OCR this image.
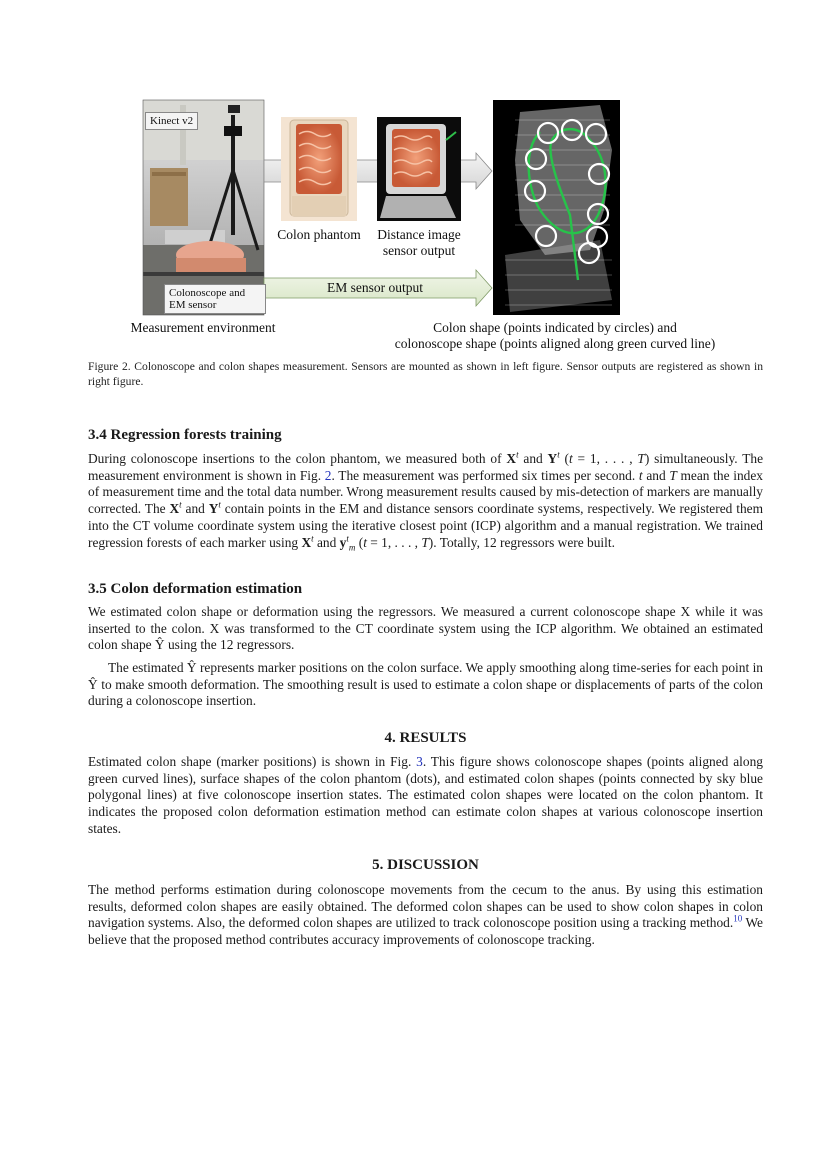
Kinect v2
Colonoscope and
EM sensor
Colon phantom	Distance image
sensor output
EM sensor output
Measurement environment	Colon shape (points indicated by circles) and
colonoscope shape (points aligned along green curved line)
Figure 2. Colonoscope and colon shapes measurement. Sensors are mounted as shown in left figure. Sensor outputs are registered as shown in right figure.
3.4 Regression forests training
During colonoscope insertions to the colon phantom, we measured both of $X^t$ and $Y^t$ (t = 1, . . . , T) simultaneously. The measurement environment is shown in Fig. 2. The measurement was performed six times per second. t and T mean the index of measurement time and the total data number. Wrong measurement results caused by mis-detection of markers are manually corrected. The $X^t$ and $Y^t$ contain points in the EM and distance sensors coordinate systems, respectively. We registered them into the CT volume coordinate system using the iterative closest point (ICP) algorithm and a manual registration. We trained regression forests of each marker using $X^t$ and $y^t_m$ (t = 1, . . . , T). Totally, 12 regressors were built.
3.5 Colon deformation estimation
We estimated colon shape or deformation using the regressors. We measured a current colonoscope shape X while it was inserted to the colon. X was transformed to the CT coordinate system using the ICP algorithm. We obtained an estimated colon shape Ŷ using the 12 regressors.
The estimated Ŷ represents marker positions on the colon surface. We apply smoothing along time-series for each point in Ŷ to make smooth deformation. The smoothing result is used to estimate a colon shape or displacements of parts of the colon during a colonoscope insertion.
4. RESULTS
Estimated colon shape (marker positions) is shown in Fig. 3. This figure shows colonoscope shapes (points aligned along green curved lines), surface shapes of the colon phantom (dots), and estimated colon shapes (points connected by sky blue polygonal lines) at five colonoscope insertion states. The estimated colon shapes were located on the colon phantom. It indicates the proposed colon deformation estimation method can estimate colon shapes at various colonoscope insertion states.
5. DISCUSSION
The method performs estimation during colonoscope movements from the cecum to the anus. By using this estimation results, deformed colon shapes are easily obtained. The deformed colon shapes can be used to show colon shapes in colon navigation systems. Also, the deformed colon shapes are utilized to track colonoscope position using a tracking method.$^{10}$ We believe that the proposed method contributes accuracy improvements of colonoscope tracking.
